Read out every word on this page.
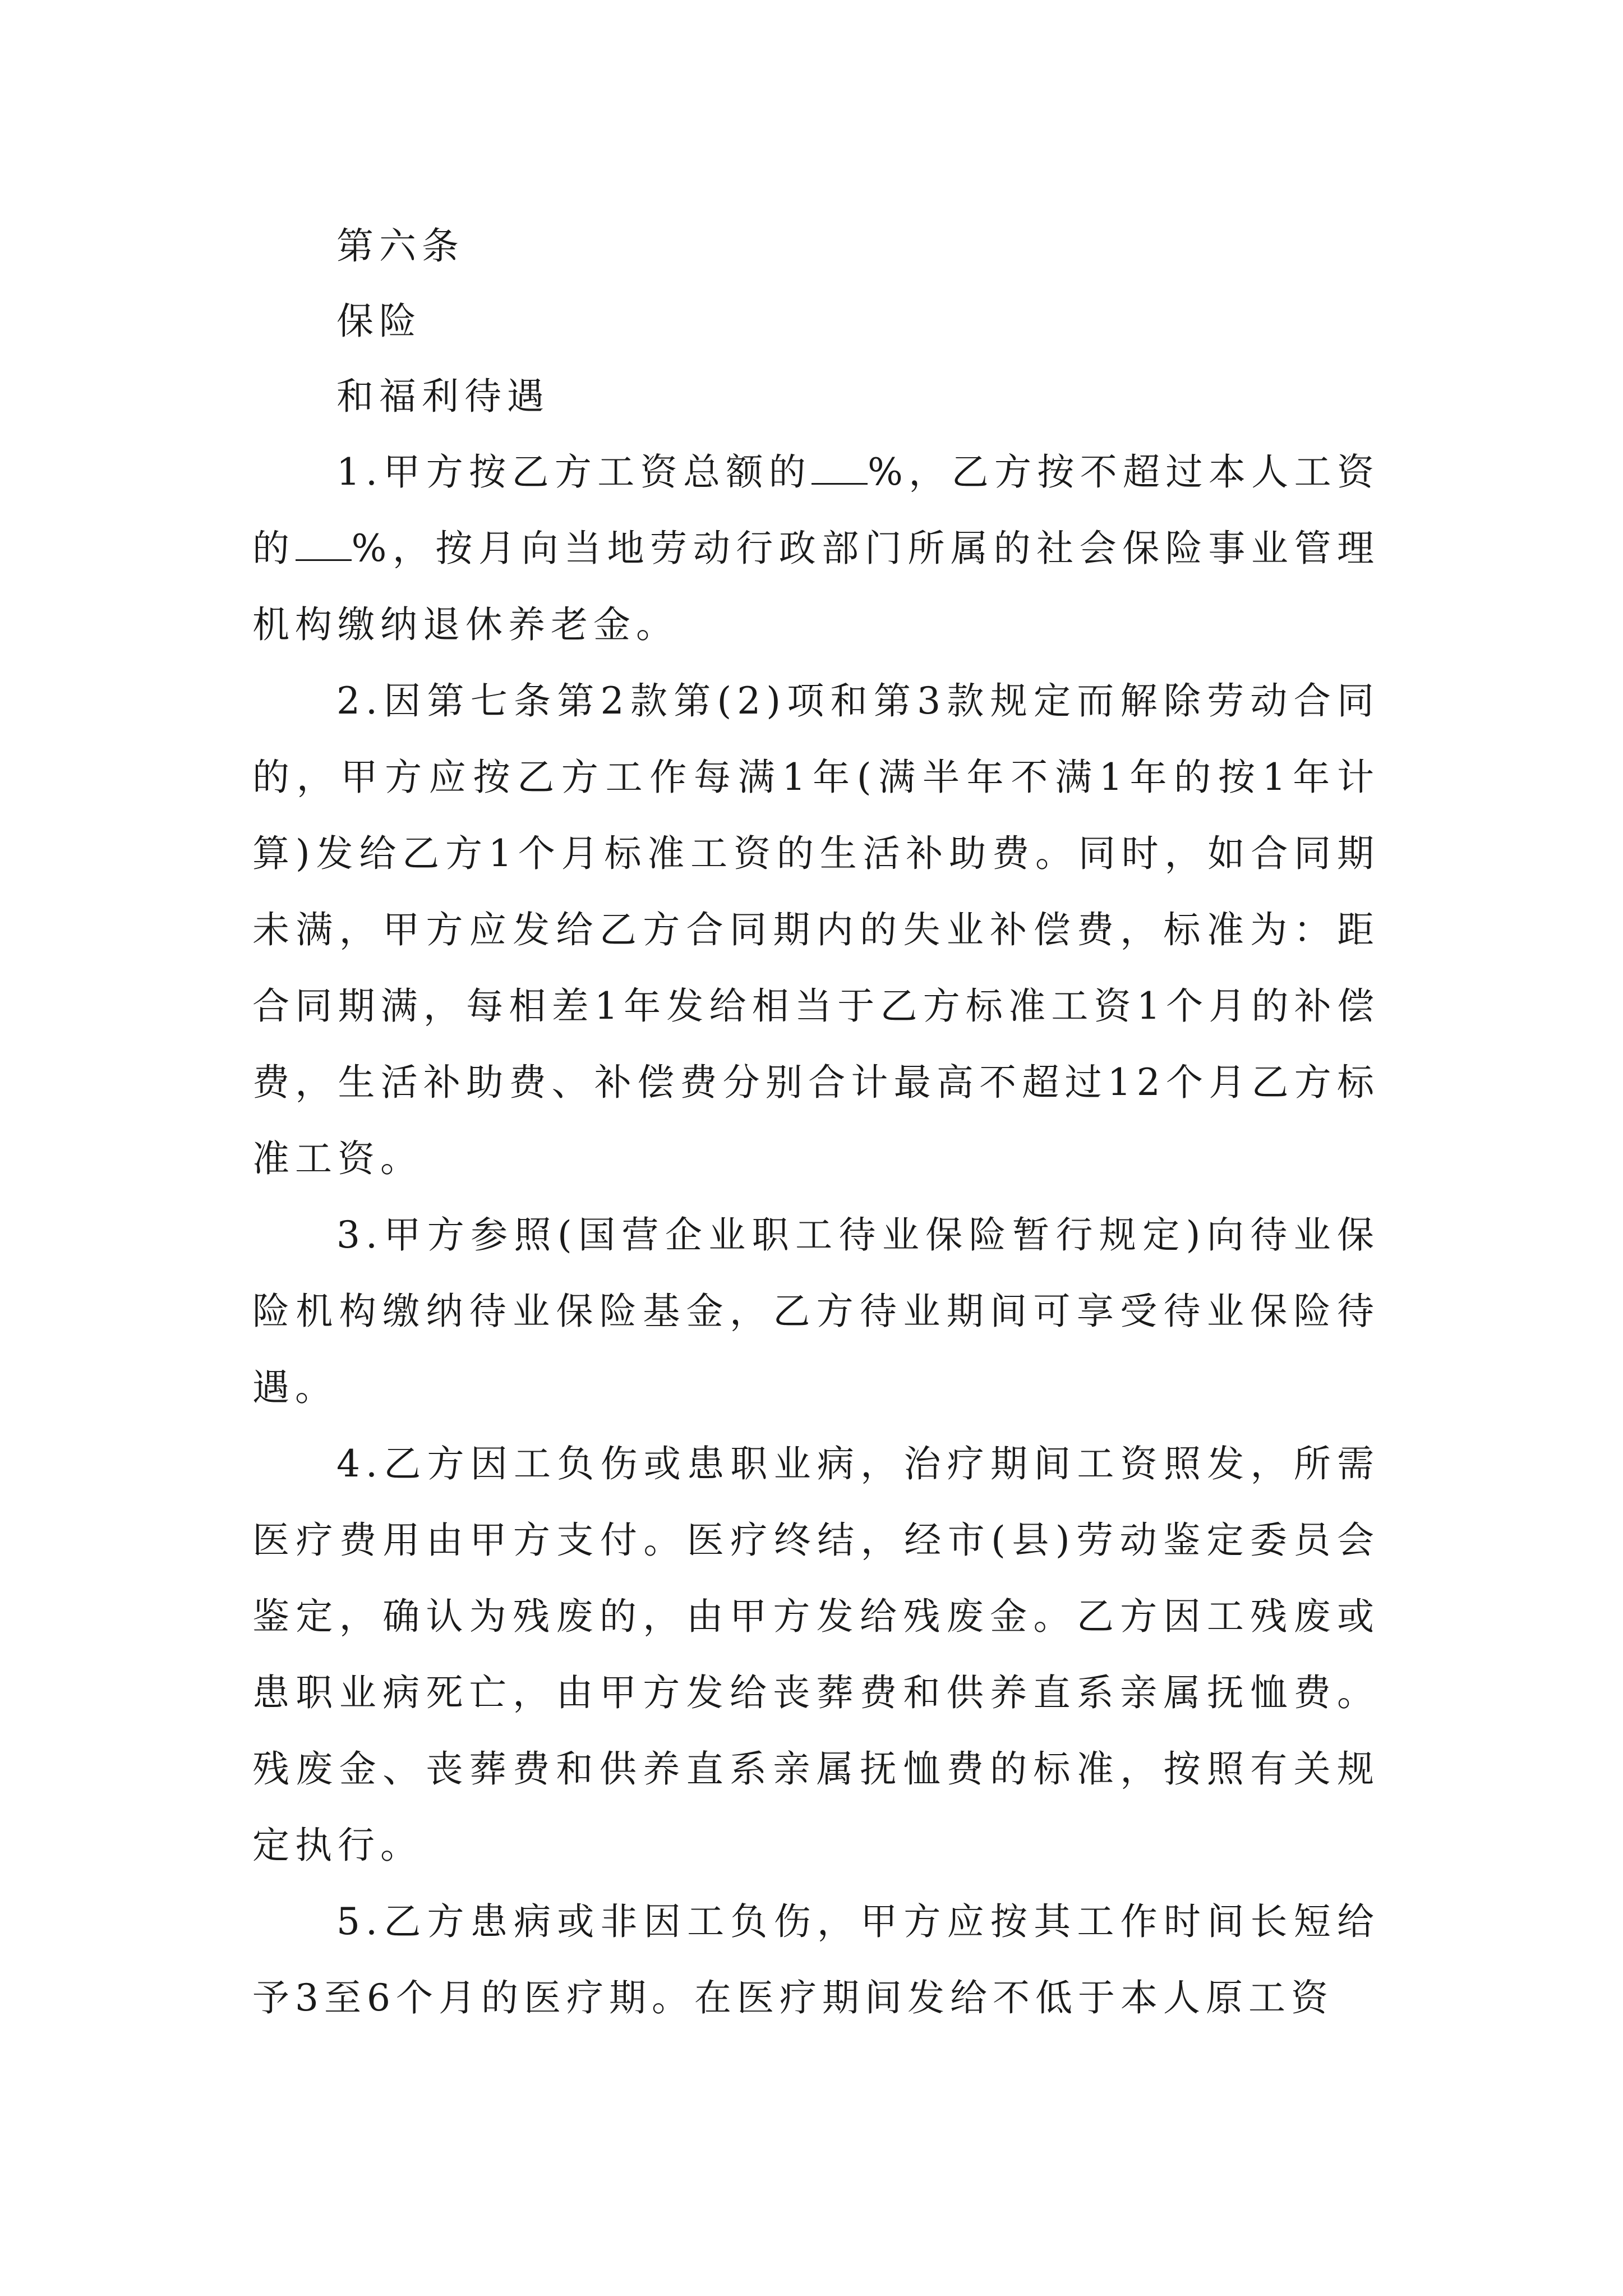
第六条

保险

和福利待遇

1.甲方按乙方工资总额的 %，乙方按不超过本人工资的 %，按月向当地劳动行政部门所属的社会保险事业管理机构缴纳退休养老金。

2.因第七条第2款第(2)项和第3款规定而解除劳动合同的，甲方应按乙方工作每满1年(满半年不满1年的按1年计算)发给乙方1个月标准工资的生活补助费。同时，如合同期未满，甲方应发给乙方合同期内的失业补偿费，标准为：距合同期满，每相差1年发给相当于乙方标准工资1个月的补偿费，生活补助费、补偿费分别合计最高不超过12个月乙方标准工资。

3.甲方参照(国营企业职工待业保险暂行规定)向待业保险机构缴纳待业保险基金，乙方待业期间可享受待业保险待遇。

4.乙方因工负伤或患职业病，治疗期间工资照发，所需医疗费用由甲方支付。医疗终结，经市(县)劳动鉴定委员会鉴定，确认为残废的，由甲方发给残废金。乙方因工残废或患职业病死亡，由甲方发给丧葬费和供养直系亲属抚恤费。残废金、丧葬费和供养直系亲属抚恤费的标准，按照有关规定执行。

5.乙方患病或非因工负伤，甲方应按其工作时间长短给予3至6个月的医疗期。在医疗期间发给不低于本人原工资
